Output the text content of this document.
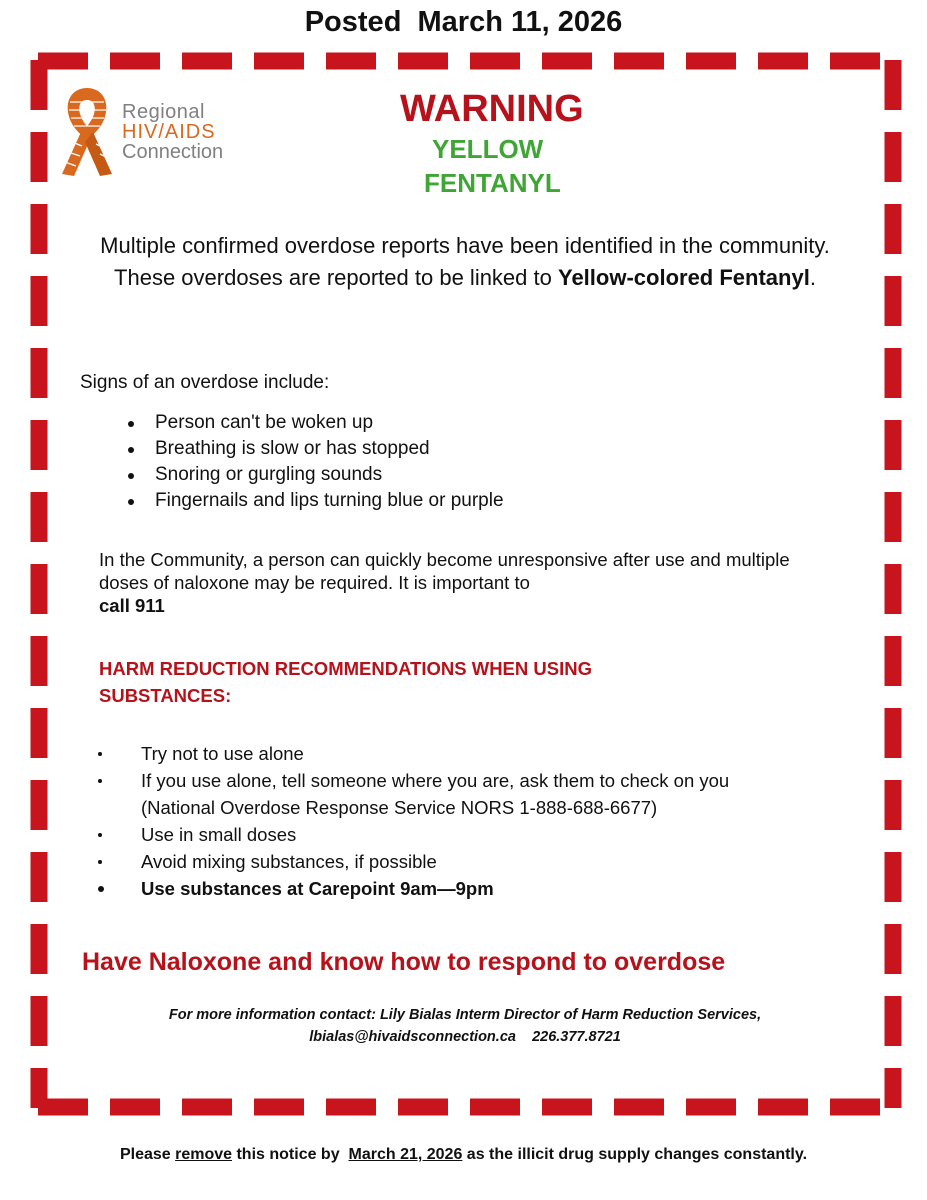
Posted  March 11, 2026
Regional
HIV/AIDS
Connection
WARNING
YELLOW
FENTANYL
Multiple confirmed overdose reports have been identified in the community. These overdoses are reported to be linked to Yellow-colored Fentanyl.
Signs of an overdose include:
Person can't be woken up
Breathing is slow or has stopped
Snoring or gurgling sounds
Fingernails and lips turning blue or purple
In the Community, a person can quickly become unresponsive after use and multiple doses of naloxone may be required. It is important to
call 911
HARM REDUCTION RECOMMENDATIONS WHEN USING SUBSTANCES:
Try not to use alone
If you use alone, tell someone where you are, ask them to check on you
(National Overdose Response Service NORS 1-888-688-6677)
Use in small doses
Avoid mixing substances, if possible
Use substances at Carepoint 9am—9pm
Have Naloxone and know how to respond to overdose
For more information contact: Lily Bialas Interm Director of Harm Reduction Services,
lbialas@hivaidsconnection.ca    226.377.8721
Please remove this notice by  March 21, 2026 as the illicit drug supply changes constantly.
